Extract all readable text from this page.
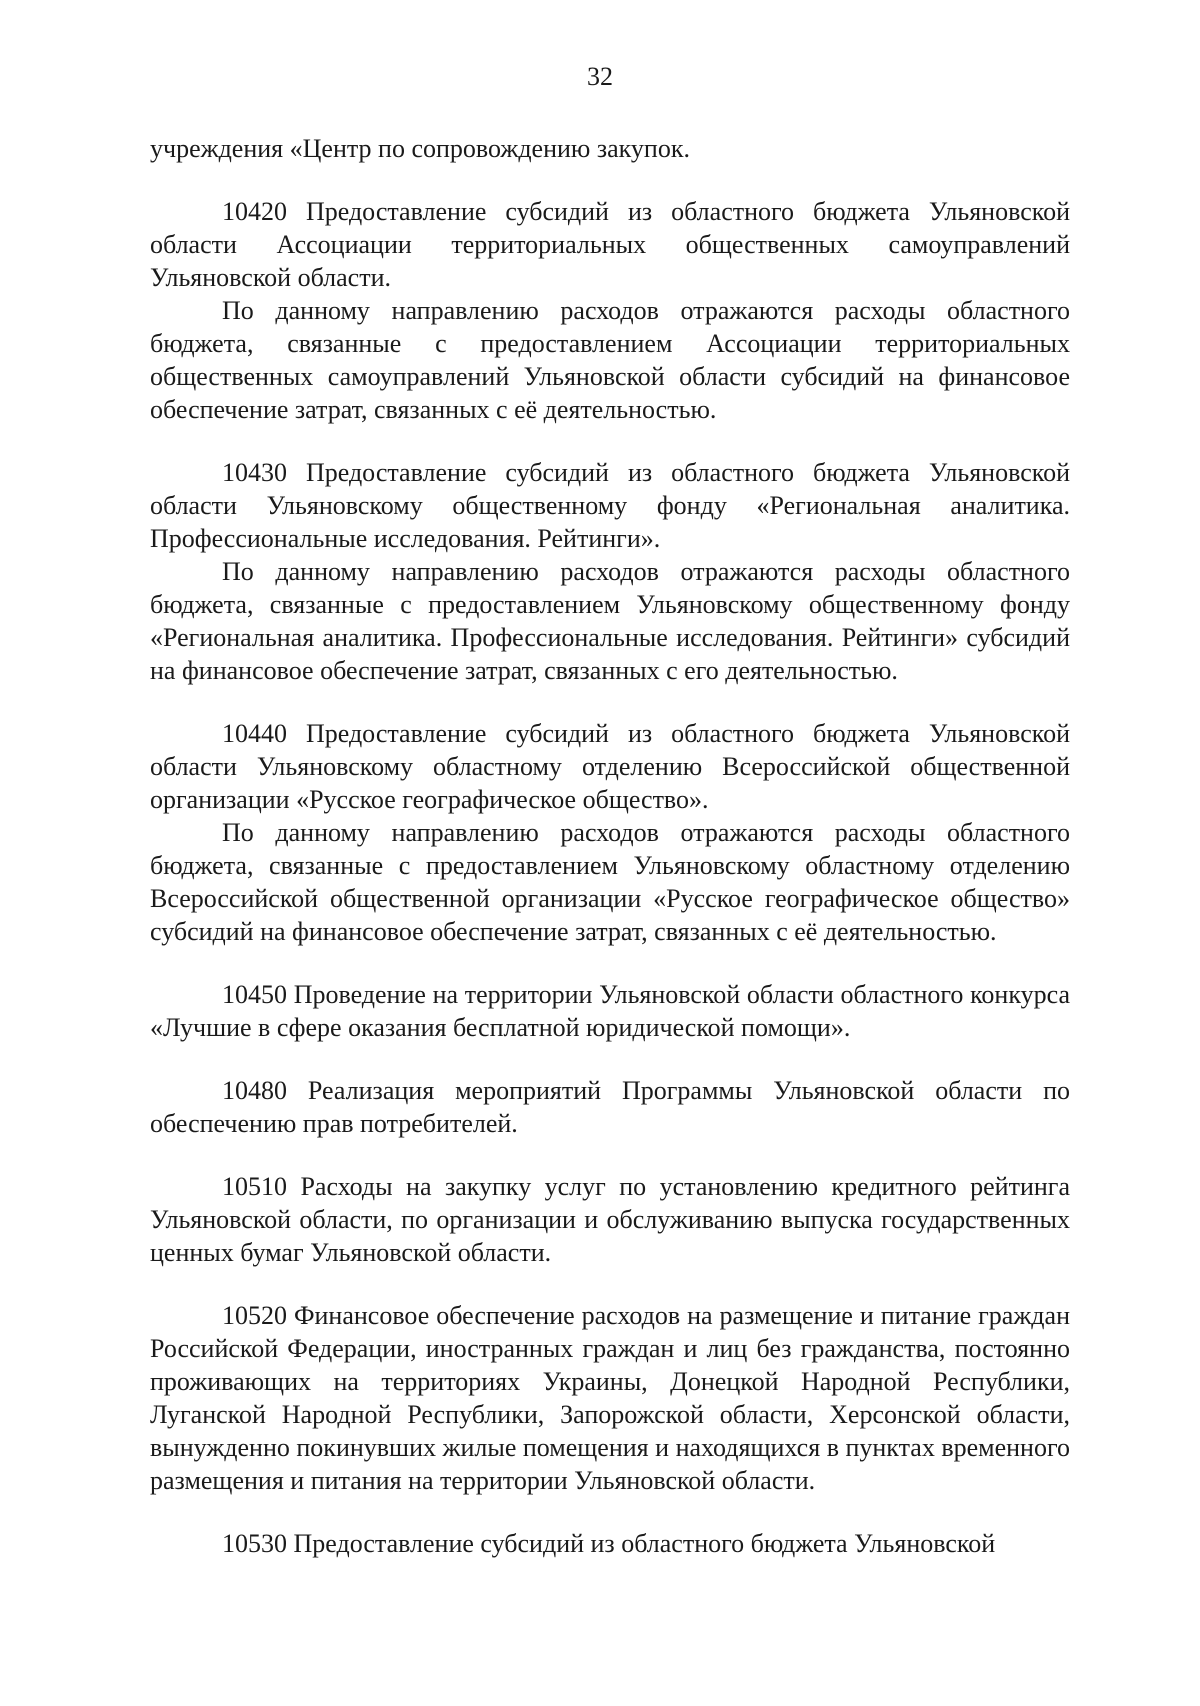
32

учреждения «Центр по сопровождению закупок.

10420 Предоставление субсидий из областного бюджета Ульяновской области Ассоциации территориальных общественных самоуправлений Ульяновской области.

По данному направлению расходов отражаются расходы областного бюджета, связанные с предоставлением Ассоциации территориальных общественных самоуправлений Ульяновской области субсидий на финансовое обеспечение затрат, связанных с её деятельностью.

10430 Предоставление субсидий из областного бюджета Ульяновской области Ульяновскому общественному фонду «Региональная аналитика. Профессиональные исследования. Рейтинги».

По данному направлению расходов отражаются расходы областного бюджета, связанные с предоставлением Ульяновскому общественному фонду «Региональная аналитика. Профессиональные исследования. Рейтинги» субсидий на финансовое обеспечение затрат, связанных с его деятельностью.

10440 Предоставление субсидий из областного бюджета Ульяновской области Ульяновскому областному отделению Всероссийской общественной организации «Русское географическое общество».

По данному направлению расходов отражаются расходы областного бюджета, связанные с предоставлением Ульяновскому областному отделению Всероссийской общественной организации «Русское географическое общество» субсидий на финансовое обеспечение затрат, связанных с её деятельностью.

10450 Проведение на территории Ульяновской области областного конкурса «Лучшие в сфере оказания бесплатной юридической помощи».

10480 Реализация мероприятий Программы Ульяновской области по обеспечению прав потребителей.

10510 Расходы на закупку услуг по установлению кредитного рейтинга Ульяновской области, по организации и обслуживанию выпуска государственных ценных бумаг Ульяновской области.

10520 Финансовое обеспечение расходов на размещение и питание граждан Российской Федерации, иностранных граждан и лиц без гражданства, постоянно проживающих на территориях Украины, Донецкой Народной Республики, Луганской Народной Республики, Запорожской области, Херсонской области, вынужденно покинувших жилые помещения и находящихся в пунктах временного размещения и питания на территории Ульяновской области.

10530 Предоставление субсидий из областного бюджета Ульяновской
